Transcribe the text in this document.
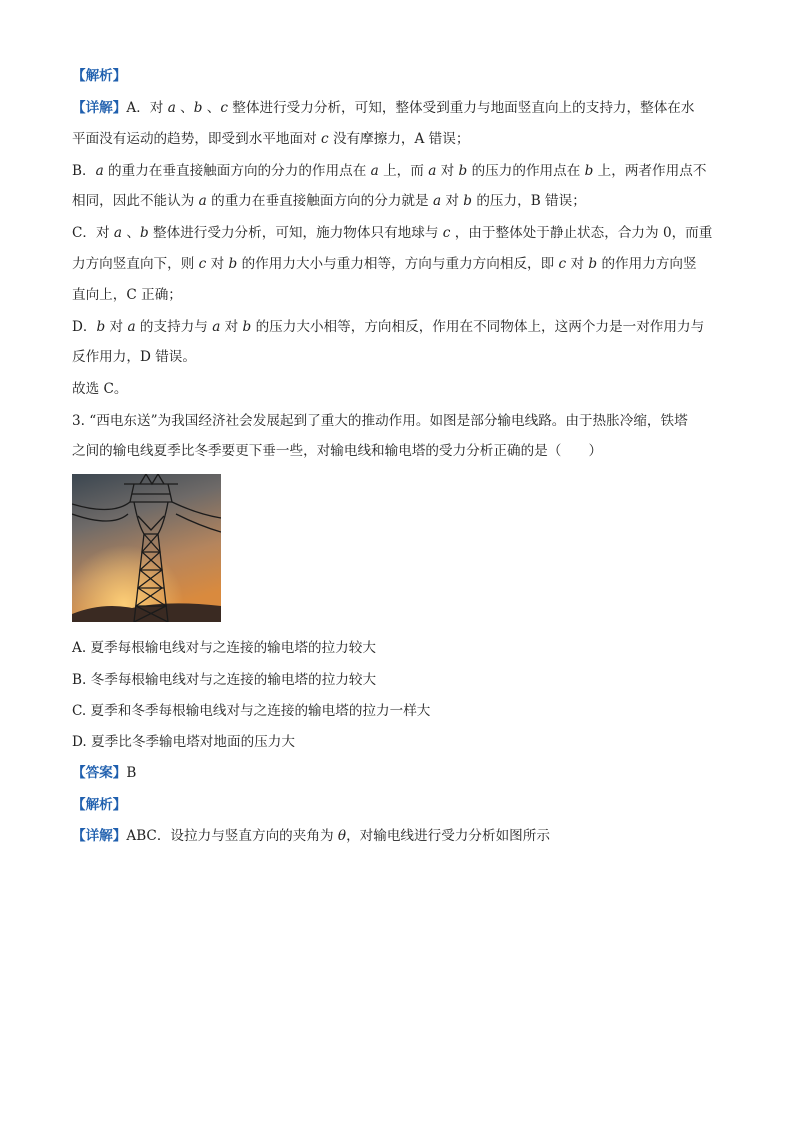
【解析】
【详解】A．对 a 、b 、c 整体进行受力分析，可知，整体受到重力与地面竖直向上的支持力，整体在水
平面没有运动的趋势，即受到水平地面对 c 没有摩擦力，A 错误；
B．a 的重力在垂直接触面方向的分力的作用点在 a 上，而 a 对 b 的压力的作用点在 b 上，两者作用点不
相同，因此不能认为 a 的重力在垂直接触面方向的分力就是 a 对 b 的压力，B 错误；
C．对 a 、b 整体进行受力分析，可知，施力物体只有地球与 c ，由于整体处于静止状态，合力为 0，而重
力方向竖直向下，则 c 对 b 的作用力大小与重力相等，方向与重力方向相反，即 c 对 b 的作用力方向竖
直向上，C 正确；
D．b 对 a 的支持力与 a 对 b 的压力大小相等，方向相反，作用在不同物体上，这两个力是一对作用力与
反作用力，D 错误。
故选 C。
3. “西电东送”为我国经济社会发展起到了重大的推动作用。如图是部分输电线路。由于热胀冷缩，铁塔
之间的输电线夏季比冬季要更下垂一些，对输电线和输电塔的受力分析正确的是（　　）
A. 夏季每根输电线对与之连接的输电塔的拉力较大
B. 冬季每根输电线对与之连接的输电塔的拉力较大
C. 夏季和冬季每根输电线对与之连接的输电塔的拉力一样大
D. 夏季比冬季输电塔对地面的压力大
【答案】B
【解析】
【详解】ABC．设拉力与竖直方向的夹角为 θ，对输电线进行受力分析如图所示
